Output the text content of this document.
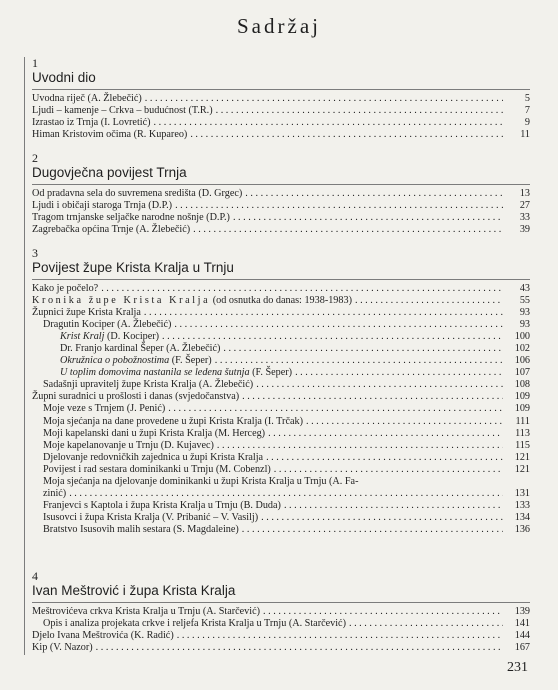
Sadržaj
1
Uvodni dio
Uvodna riječ (A. Žlebečić) . . .	5
Ljudi – kamenje – Crkva – budućnost (T.R.) . . .	7
Izrastao iz Trnja (I. Lovretić) . . .	9
Himan Kristovim očima (R. Kupareo) . . .	11
2
Dugovječna povijest Trnja
Od pradavna sela do suvremena središta (D. Grgec) . . .	13
Ljudi i običaji staroga Trnja (D.P.) . . .	27
Tragom trnjanske seljačke narodne nošnje (D.P.) . . .	33
Zagrebačka općina Trnje (A. Žlebečić) . . .	39
3
Povijest župe Krista Kralja u Trnju
Kako je počelo? . . .	43
Kronika župe Krista Kralja (od osnutka do danas: 1938-1983) . . .	55
Župnici župe Krista Kralja . . .	93
Dragutin Kociper (A. Žlebečić) . . .	93
Krist Kralj (D. Kociper) . . .	100
Dr. Franjo kardinal Šeper (A. Žlebečić) . . .	102
Okružnica o pobožnostima (F. Šeper) . . .	106
U toplim domovima nastanila se ledena šutnja (F. Šeper) . . .	107
Sadašnji upravitelj župe Krista Kralja (A. Žlebečić) . . .	108
Župni suradnici u prošlosti i danas (svjedočanstva) . . .	109
Moje veze s Trnjem (J. Penić) . . .	109
Moja sjećanja na dane provedene u župi Krista Kralja (I. Trčak) . . .	111
Moji kapelanski dani u župi Krista Kralja (M. Herceg) . . .	113
Moje kapelanovanje u Trnju (D. Kujavec) . . .	115
Djelovanje redovničkih zajednica u župi Krista Kralja . . .	121
Povijest i rad sestara dominikanki u Trnju (M. Cobenzl) . . .	121
Moja sjećanja na djelovanje dominikanki u župi Krista Kralja u Trnju (A. Fa-
zinić) . . .	131
Franjevci s Kaptola i župa Krista Kralja u Trnju (B. Duda) . . .	133
Isusovci i župa Krista Kralja (V. Pribanić – V. Vasilj) . . .	134
Bratstvo Isusovih malih sestara (S. Magdaleine) . . .	136
4
Ivan Meštrović i župa Krista Kralja
Meštrovićeva crkva Krista Kralja u Trnju (A. Starčević) . . .	139
Opis i analiza projekata crkve i reljefa Krista Kralja u Trnju (A. Starčević) . . .	141
Djelo Ivana Meštrovića (K. Radić) . . .	144
Kip (V. Nazor) . . .	167
231
